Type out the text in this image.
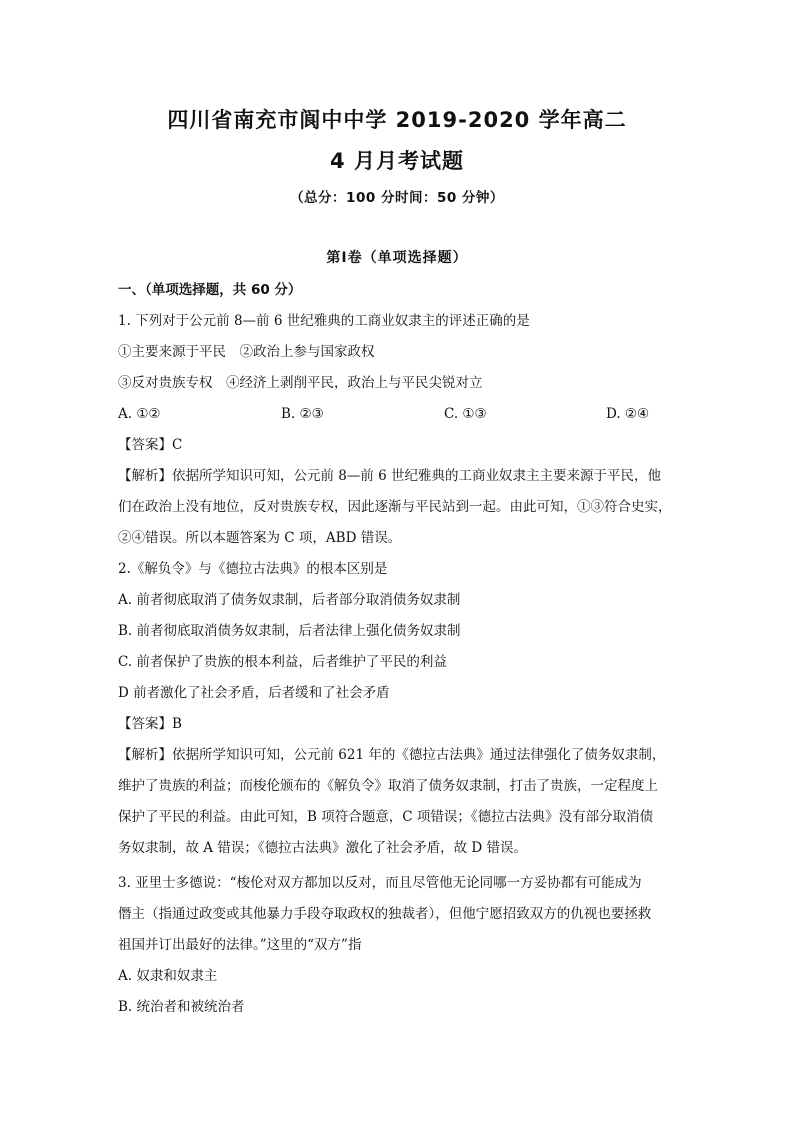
四川省南充市阆中中学 2019-2020 学年高二
4 月月考试题
（总分：100 分时间：50 分钟）
第Ⅰ卷（单项选择题）
一、（单项选择题，共 60 分）
1. 下列对于公元前 8—前 6 世纪雅典的工商业奴隶主的评述正确的是
①主要来源于平民　②政治上参与国家政权
③反对贵族专权　④经济上剥削平民，政治上与平民尖锐对立
A. ①②	B. ②③	C. ①③	D. ②④
【答案】C
【解析】依据所学知识可知，公元前 8—前 6 世纪雅典的工商业奴隶主主要来源于平民，他
们在政治上没有地位，反对贵族专权，因此逐渐与平民站到一起。由此可知，①③符合史实，
②④错误。所以本题答案为 C 项，ABD 错误。
2.《解负令》与《德拉古法典》的根本区别是
A. 前者彻底取消了债务奴隶制，后者部分取消债务奴隶制
B. 前者彻底取消债务奴隶制，后者法律上强化债务奴隶制
C. 前者保护了贵族的根本利益，后者维护了平民的利益
D 前者激化了社会矛盾，后者缓和了社会矛盾
【答案】B
【解析】依据所学知识可知，公元前 621 年的《德拉古法典》通过法律强化了债务奴隶制，
维护了贵族的利益；而梭伦颁布的《解负令》取消了债务奴隶制，打击了贵族，一定程度上
保护了平民的利益。由此可知，B 项符合题意，C 项错误；《德拉古法典》没有部分取消债
务奴隶制，故 A 错误；《德拉古法典》激化了社会矛盾，故 D 错误。
3. 亚里士多德说：“梭伦对双方都加以反对，而且尽管他无论同哪一方妥协都有可能成为
僭主（指通过政变或其他暴力手段夺取政权的独裁者），但他宁愿招致双方的仇视也要拯救
祖国并订出最好的法律。”这里的“双方”指
A. 奴隶和奴隶主
B. 统治者和被统治者
